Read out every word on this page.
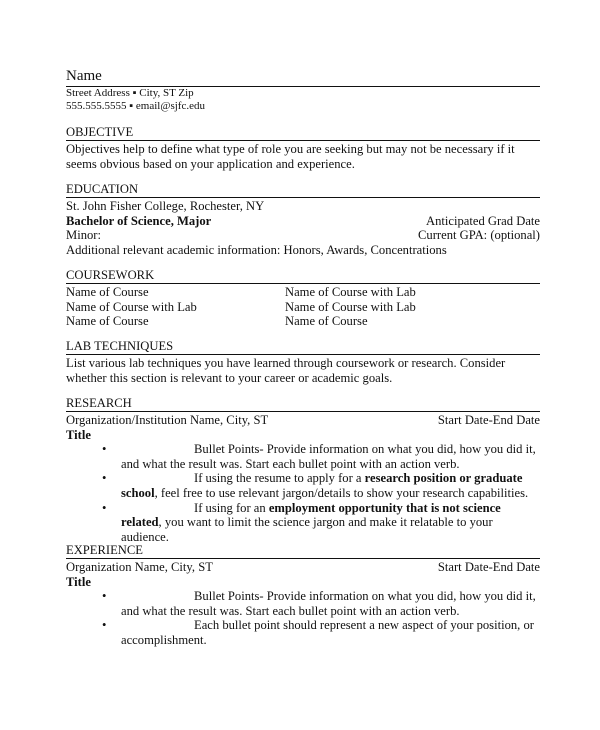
Name
Street Address ▪ City, ST Zip
555.555.5555 ▪ email@sjfc.edu
OBJECTIVE
Objectives help to define what type of role you are seeking but may not be necessary if it seems obvious based on your application and experience.
EDUCATION
St. John Fisher College, Rochester, NY
Bachelor of Science, Major	Anticipated Grad Date
Minor:	Current GPA: (optional)
Additional relevant academic information: Honors, Awards, Concentrations
COURSEWORK
Name of Course	Name of Course with Lab
Name of Course with Lab	Name of Course with Lab
Name of Course	Name of Course
LAB TECHNIQUES
List various lab techniques you have learned through coursework or research. Consider whether this section is relevant to your career or academic goals.
RESEARCH
Organization/Institution Name, City, ST	Start Date-End Date
Title
• Bullet Points- Provide information on what you did, how you did it, and what the result was. Start each bullet point with an action verb.
• If using the resume to apply for a research position or graduate school, feel free to use relevant jargon/details to show your research capabilities.
• If using for an employment opportunity that is not science related, you want to limit the science jargon and make it relatable to your audience.
EXPERIENCE
Organization Name, City, ST	Start Date-End Date
Title
• Bullet Points- Provide information on what you did, how you did it, and what the result was. Start each bullet point with an action verb.
• Each bullet point should represent a new aspect of your position, or accomplishment.
